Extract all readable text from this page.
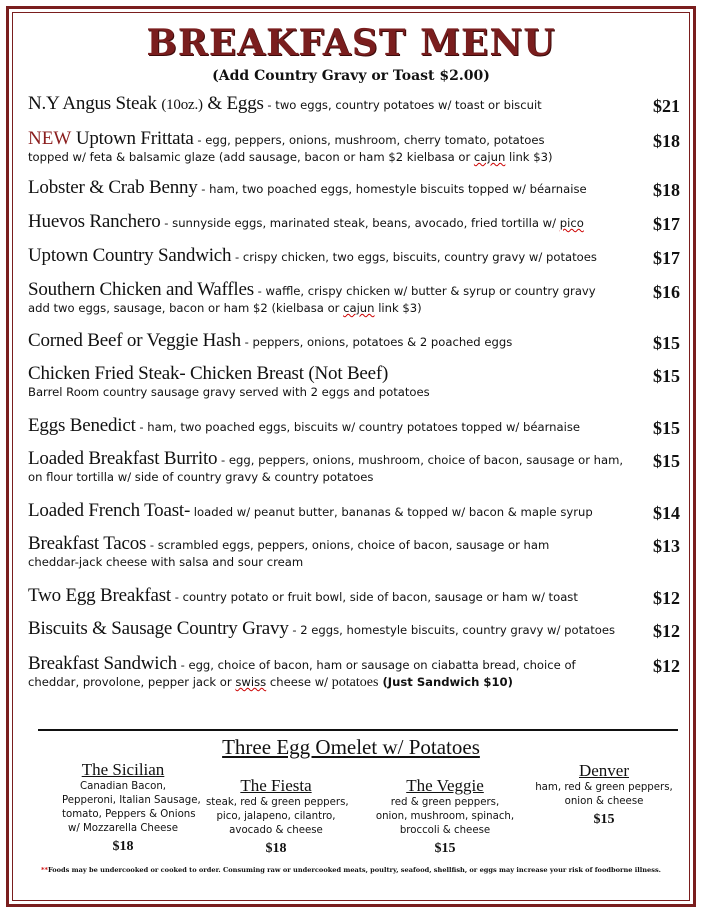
BREAKFAST MENU
(Add Country Gravy or Toast $2.00)
N.Y Angus Steak (10oz.) & Eggs - two eggs, country potatoes w/ toast or biscuit	$21
NEW Uptown Frittata - egg, peppers, onions, mushroom, cherry tomato, potatoes
topped w/ feta & balsamic glaze (add sausage, bacon or ham $2 kielbasa or cajun link $3)
$18
Lobster & Crab Benny - ham, two poached eggs, homestyle biscuits topped w/ béarnaise	$18
Huevos Ranchero - sunnyside eggs, marinated steak, beans, avocado, fried tortilla w/ pico	$17
Uptown Country Sandwich - crispy chicken, two eggs, biscuits, country gravy w/ potatoes	$17
Southern Chicken and Waffles - waffle, crispy chicken w/ butter & syrup or country gravy
add two eggs, sausage, bacon or ham $2 (kielbasa or cajun link $3)
$16
Corned Beef or Veggie Hash - peppers, onions, potatoes & 2 poached eggs	$15
Chicken Fried Steak- Chicken Breast (Not Beef)
Barrel Room country sausage gravy served with 2 eggs and potatoes
$15
Eggs Benedict - ham, two poached eggs, biscuits w/ country potatoes topped w/ béarnaise	$15
Loaded Breakfast Burrito - egg, peppers, onions, mushroom, choice of bacon, sausage or ham,
on flour tortilla w/ side of country gravy & country potatoes
$15
Loaded French Toast- loaded w/ peanut butter, bananas & topped w/ bacon & maple syrup	$14
Breakfast Tacos - scrambled eggs, peppers, onions, choice of bacon, sausage or ham
cheddar-jack cheese with salsa and sour cream
$13
Two Egg Breakfast - country potato or fruit bowl, side of bacon, sausage or ham w/ toast	$12
Biscuits & Sausage Country Gravy - 2 eggs, homestyle biscuits, country gravy w/ potatoes	$12
Breakfast Sandwich - egg, choice of bacon, ham or sausage on ciabatta bread, choice of
cheddar, provolone, pepper jack or swiss cheese w/ potatoes (Just Sandwich $10)
$12
Three Egg Omelet w/ Potatoes
The Sicilian
Canadian Bacon,
Pepperoni, Italian Sausage,
tomato, Peppers & Onions
w/ Mozzarella Cheese
$18
The Fiesta
steak, red & green peppers,
pico, jalapeno, cilantro,
avocado & cheese
$18
The Veggie
red & green peppers,
onion, mushroom, spinach,
broccoli & cheese
$15
Denver
ham, red & green peppers,
onion & cheese
$15
**Foods may be undercooked or cooked to order. Consuming raw or undercooked meats, poultry, seafood, shellfish, or eggs may increase your risk of foodborne illness.
